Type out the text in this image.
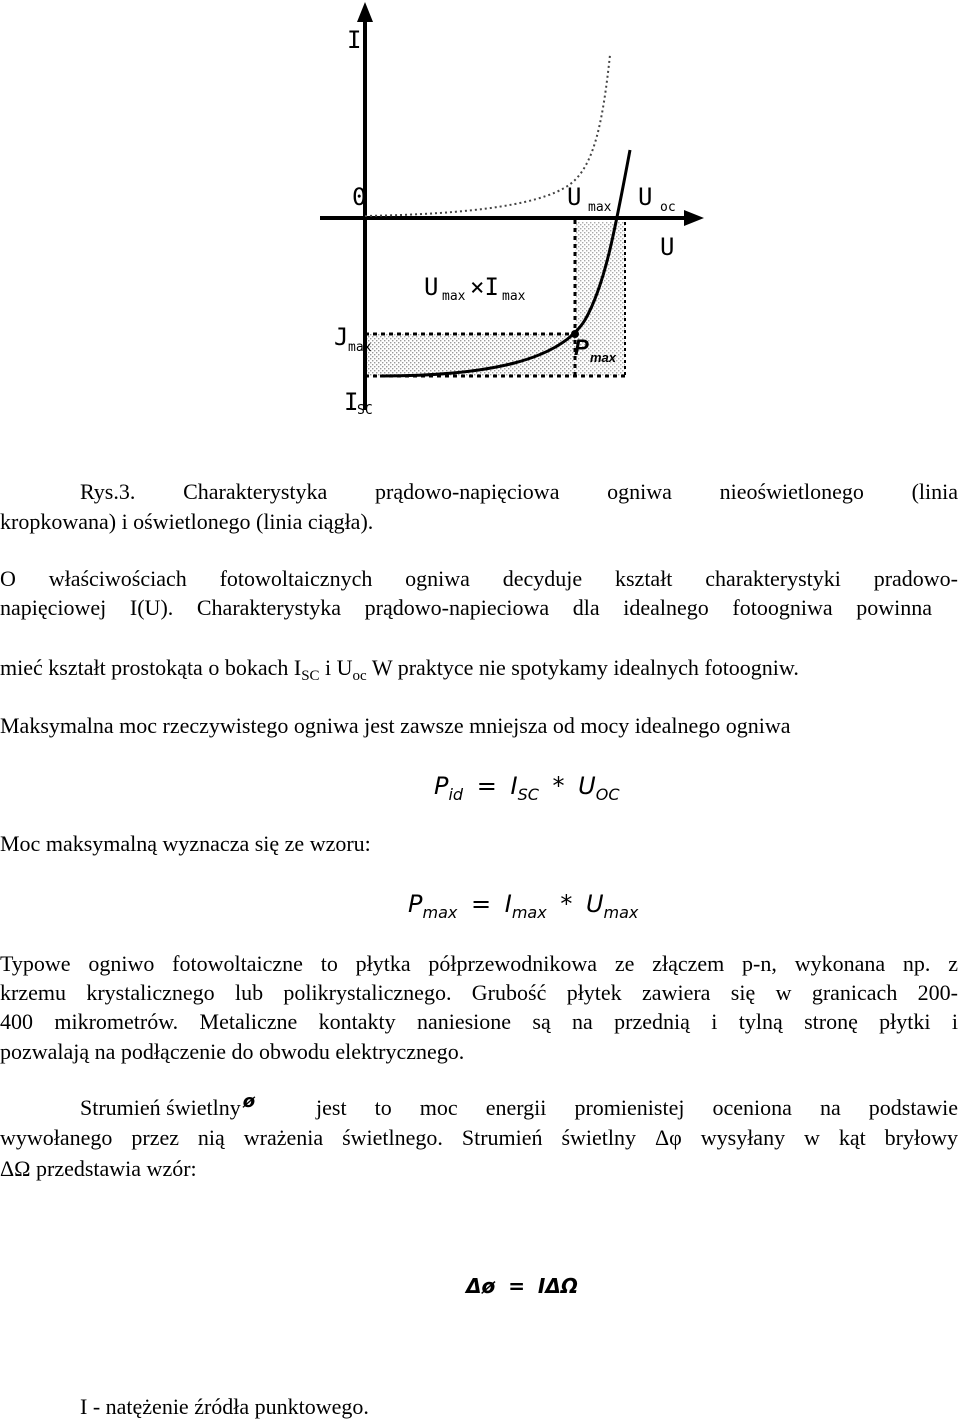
I
0
U
U max U oc
J max
I
SC
U max ×I max
P max
Rys.3. Charakterystyka prądowo-napięciowa ogniwa nieoświetlonego (linia
kropkowana) i oświetlonego (linia ciągła).
O właściwościach fotowoltaicznych ogniwa decyduje kształt charakterystyki pradowo-
napięciowej I(U). Charakterystyka prądowo-napieciowa dla idealnego fotoogniwa powinna
mieć kształt prostokąta o bokach $I_{SC}$ i $U_{oc}$ W praktyce nie spotykamy idealnych fotoogniw.
Maksymalna moc rzeczywistego ogniwa jest zawsze mniejsza od mocy idealnego ogniwa
$P_{id} = I_{SC} * U_{OC}$
Moc maksymalną wyznacza się ze wzoru:
$P_{max} = I_{max} * U_{max}$
Typowe ogniwo fotowoltaiczne to płytka półprzewodnikowa ze złączem p-n, wykonana np. z
krzemu krystalicznego lub polikrystalicznego. Grubość płytek zawiera się w granicach 200-
400 mikrometrów. Metaliczne kontakty naniesione są na przednią i tylną stronę płytki i
pozwalają na podłączenie do obwodu elektrycznego.
Strumień świetlny $^ø$	jest to moc energii promienistej oceniona na podstawie
wywołanego przez nią wrażenia świetlnego. Strumień świetlny Δφ wysyłany w kąt bryłowy
ΔΩ przedstawia wzór:
Δø = IΔΩ
I - natężenie źródła punktowego.
